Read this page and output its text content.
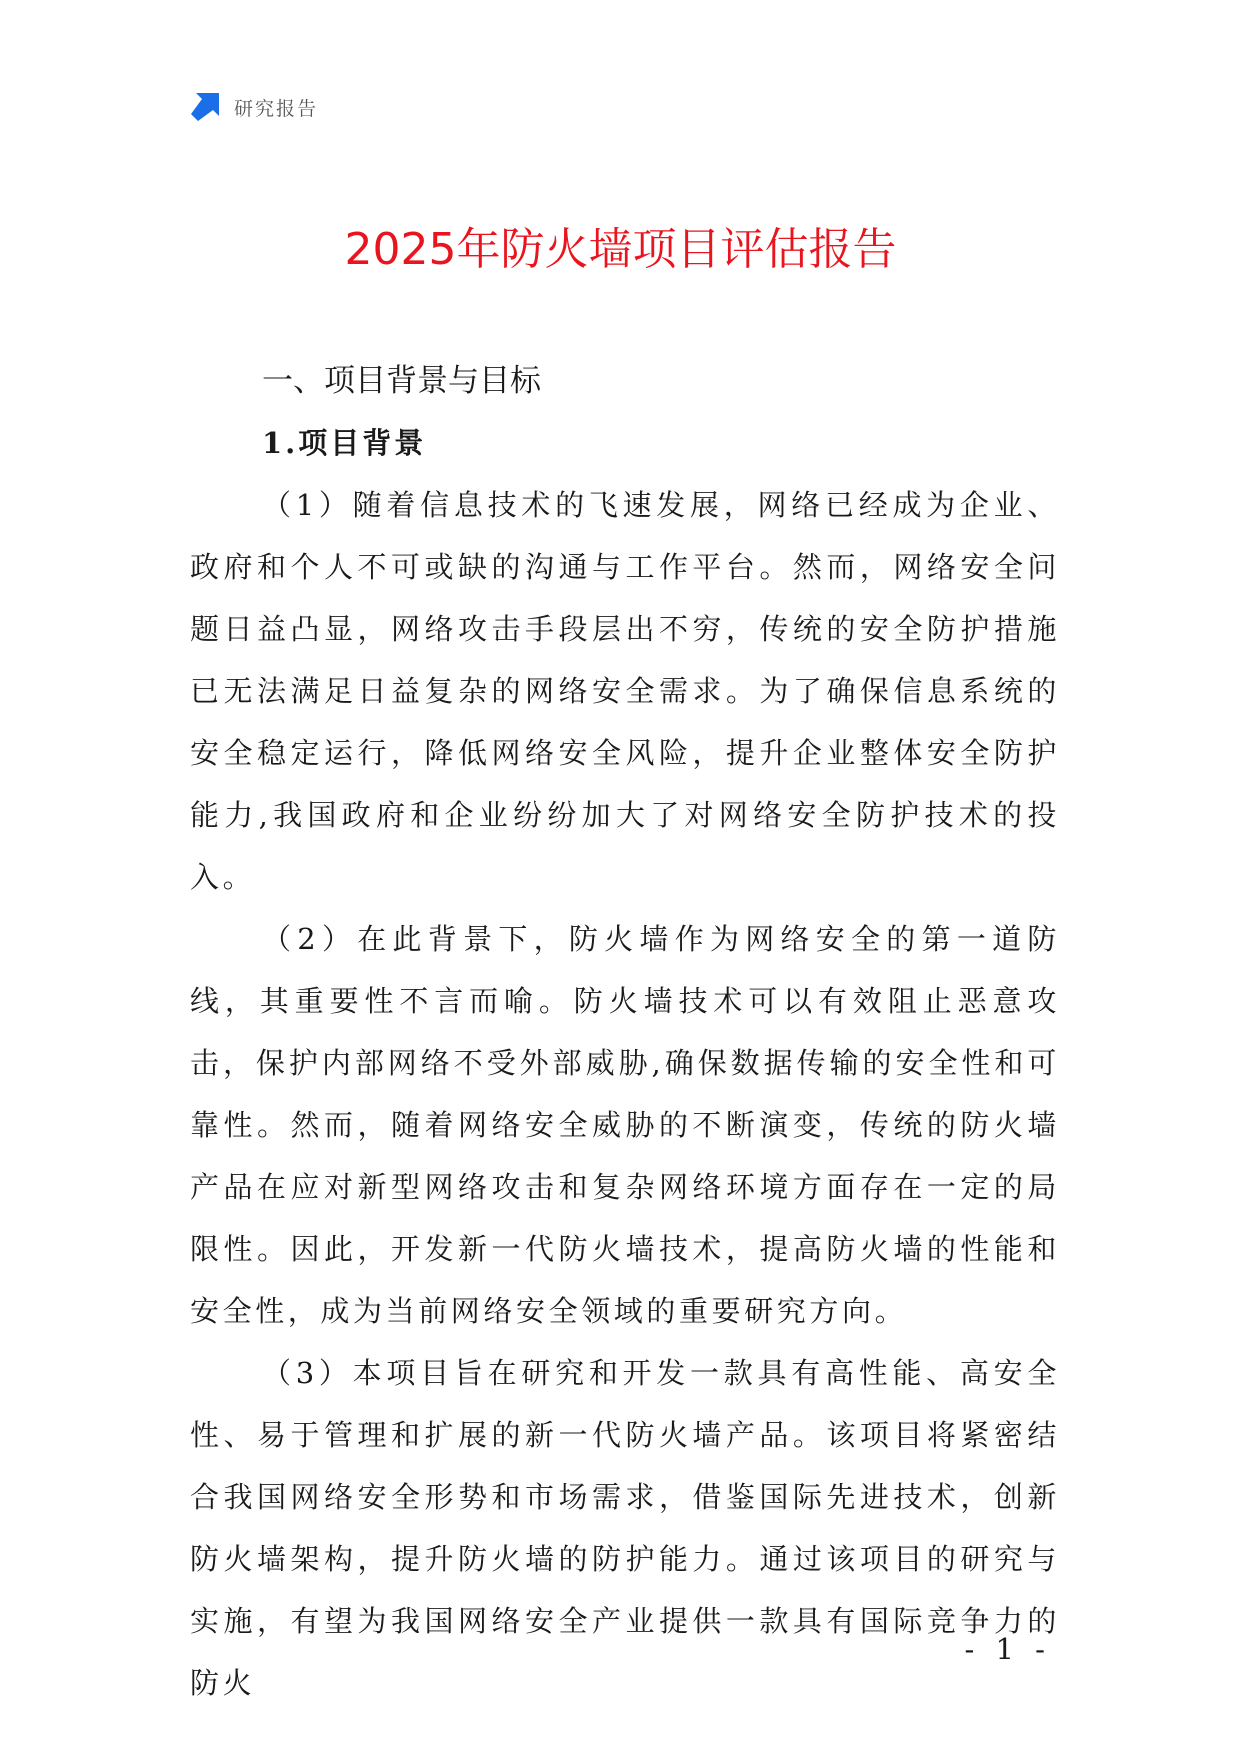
研究报告
2025年防火墙项目评估报告
一、项目背景与目标
1.项目背景

（1）随着信息技术的飞速发展，网络已经成为企业、政府和个人不可或缺的沟通与工作平台。然而，网络安全问题日益凸显，网络攻击手段层出不穷，传统的安全防护措施已无法满足日益复杂的网络安全需求。为了确保信息系统的安全稳定运行，降低网络安全风险，提升企业整体安全防护能力,我国政府和企业纷纷加大了对网络安全防护技术的投入。

（2）在此背景下，防火墙作为网络安全的第一道防线，其重要性不言而喻。防火墙技术可以有效阻止恶意攻击，保护内部网络不受外部威胁,确保数据传输的安全性和可靠性。然而，随着网络安全威胁的不断演变，传统的防火墙产品在应对新型网络攻击和复杂网络环境方面存在一定的局限性。因此，开发新一代防火墙技术，提高防火墙的性能和安全性，成为当前网络安全领域的重要研究方向。

（3）本项目旨在研究和开发一款具有高性能、高安全性、易于管理和扩展的新一代防火墙产品。该项目将紧密结合我国网络安全形势和市场需求，借鉴国际先进技术，创新防火墙架构，提升防火墙的防护能力。通过该项目的研究与实施，有望为我国网络安全产业提供一款具有国际竞争力的防火

- 1 -
